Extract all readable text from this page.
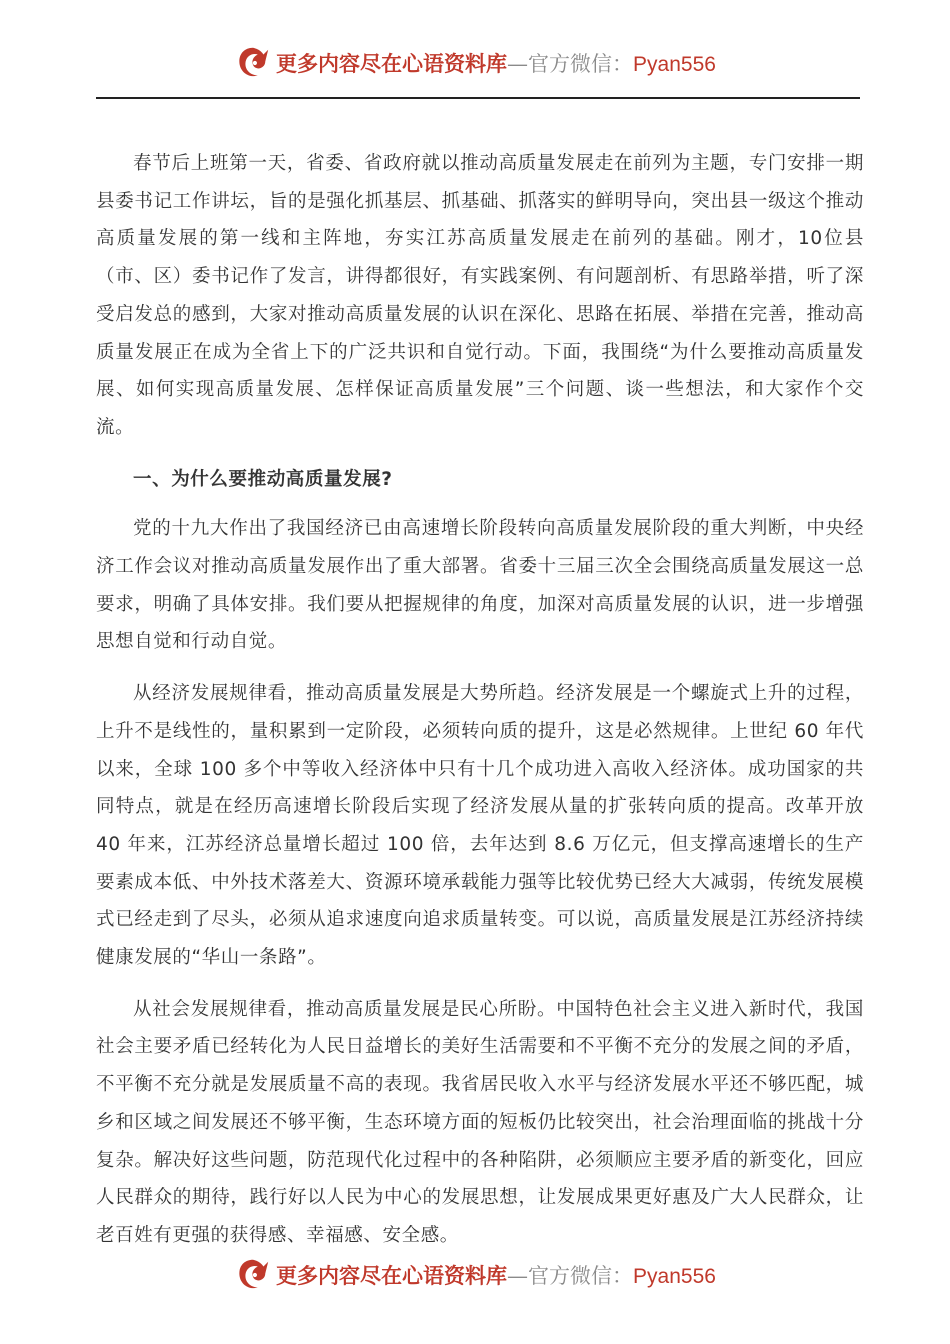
更多内容尽在心语资料库—官方微信：Pyan556

春节后上班第一天，省委、省政府就以推动高质量发展走在前列为主题，专门安排一期县委书记工作讲坛，旨的是强化抓基层、抓基础、抓落实的鲜明导向，突出县一级这个推动高质量发展的第一线和主阵地，夯实江苏高质量发展走在前列的基础。刚才，10位县（市、区）委书记作了发言，讲得都很好，有实践案例、有问题剖析、有思路举措，听了深受启发总的感到，大家对推动高质量发展的认识在深化、思路在拓展、举措在完善，推动高质量发展正在成为全省上下的广泛共识和自觉行动。下面，我围绕“为什么要推动高质量发展、如何实现高质量发展、怎样保证高质量发展”三个问题、谈一些想法，和大家作个交流。

一、为什么要推动高质量发展?

党的十九大作出了我国经济已由高速增长阶段转向高质量发展阶段的重大判断，中央经济工作会议对推动高质量发展作出了重大部署。省委十三届三次全会围绕高质量发展这一总要求，明确了具体安排。我们要从把握规律的角度，加深对高质量发展的认识，进一步增强思想自觉和行动自觉。

从经济发展规律看，推动高质量发展是大势所趋。经济发展是一个螺旋式上升的过程，上升不是线性的，量积累到一定阶段，必须转向质的提升，这是必然规律。上世纪 60 年代以来，全球 100 多个中等收入经济体中只有十几个成功进入高收入经济体。成功国家的共同特点，就是在经历高速增长阶段后实现了经济发展从量的扩张转向质的提高。改革开放 40 年来，江苏经济总量增长超过 100 倍，去年达到 8.6 万亿元，但支撑高速增长的生产要素成本低、中外技术落差大、资源环境承载能力强等比较优势已经大大减弱，传统发展模式已经走到了尽头，必须从追求速度向追求质量转变。可以说，高质量发展是江苏经济持续健康发展的“华山一条路”。

从社会发展规律看，推动高质量发展是民心所盼。中国特色社会主义进入新时代，我国社会主要矛盾已经转化为人民日益增长的美好生活需要和不平衡不充分的发展之间的矛盾，不平衡不充分就是发展质量不高的表现。我省居民收入水平与经济发展水平还不够匹配，城乡和区域之间发展还不够平衡，生态环境方面的短板仍比较突出，社会治理面临的挑战十分复杂。解决好这些问题，防范现代化过程中的各种陷阱，必须顺应主要矛盾的新变化，回应人民群众的期待，践行好以人民为中心的发展思想，让发展成果更好惠及广大人民群众，让老百姓有更强的获得感、幸福感、安全感。

更多内容尽在心语资料库—官方微信：Pyan556
